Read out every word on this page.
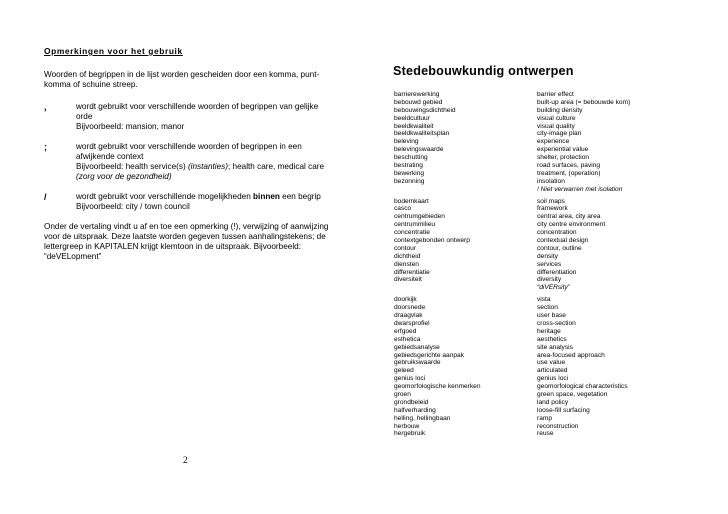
Opmerkingen voor het gebruik
Woorden of begrippen in de lijst worden gescheiden door een komma, punt-komma of schuine streep.
,	wordt gebruikt voor verschillende woorden of begrippen van gelijke orde
Bijvoorbeeld: mansion, manor
;	wordt gebruikt voor verschillende woorden of begrippen in een afwijkende context
Bijvoorbeeld: health service(s) (instanties); health care, medical care
(zorg voor de gezondheid)
/	wordt gebruikt voor verschillende mogelijkheden binnen een begrip
Bijvoorbeeld: city / town council
Onder de vertaling vindt u af en toe een opmerking (!), verwijzing of aanwijzing voor de uitspraak. Deze laatste worden gegeven tussen aanhalingstekens; de lettergreep in KAPITALEN krijgt klemtoon in de uitspraak. Bijvoorbeeld: “deVELopment”
2
Stedebouwkundig ontwerpen
barrierewerking	barrier effect
bebouwd gebied	built-up area (= bebouwde kom)
bebouwingsdichtheid	building density
beeldcultuur	visual culture
beeldkwaliteit	visual quality
beeldkwaliteitsplan	city-image plan
beleving	experience
belevingswaarde	experiential value
beschutting	shelter, protection
bestrating	road surfaces, paving
bewerking	treatment, (operation)
bezonning	insolation
! Niet verwarren met isolation
bodemkaart	soil maps
casco	framework
centrumgebieden	central area, city area
centrummilieu	city centre environment
concentratie	concentration
contextgebonden ontwerp	contextual design
contour	contour, outline
dichtheid	density
diensten	services
differentiatie	differentiation
diversiteit	diversity
“diVERsity”
doorkijk	vista
doorsnede	section
draagvlak	user base
dwarsprofiel	cross-section
erfgoed	heritage
esthetica	aesthetics
gebiedsanalyse	site analysis
gebiedsgerichte aanpak	area-focused approach
gebruikswaarde	use value
geleed	articulated
genius loci	genius loci
geomorfologische kenmerken	geomorfological characteristics
groen	green space, vegetation
grondbeleid	land policy
halfverharding	loose-fill surfacing
helling, hellingbaan	ramp
herbouw	reconstruction
hergebruik	reuse
